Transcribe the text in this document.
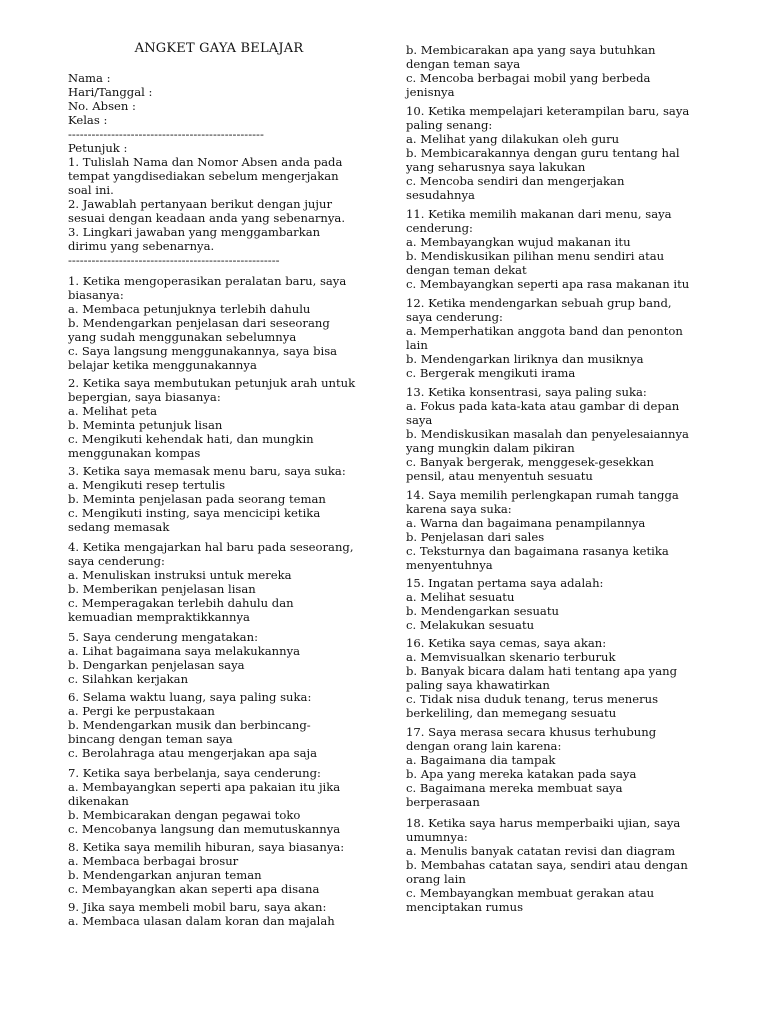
ANGKET GAYA BELAJAR
Nama :
Hari/Tanggal :
No. Absen :
Kelas :
--------------------------------------------------
Petunjuk :
1. Tulislah Nama dan Nomor Absen anda pada
tempat yangdisediakan sebelum mengerjakan
soal ini.
2. Jawablah pertanyaan berikut dengan jujur
sesuai dengan keadaan anda yang sebenarnya.
3. Lingkari jawaban yang menggambarkan
dirimu yang sebenarnya.
------------------------------------------------------
1. Ketika mengoperasikan peralatan baru, saya
biasanya:
a. Membaca petunjuknya terlebih dahulu
b. Mendengarkan penjelasan dari seseorang
yang sudah menggunakan sebelumnya
c. Saya langsung menggunakannya, saya bisa
belajar ketika menggunakannya
2. Ketika saya membutukan petunjuk arah untuk
bepergian, saya biasanya:
a. Melihat peta
b. Meminta petunjuk lisan
c. Mengikuti kehendak hati, dan mungkin
menggunakan kompas
3. Ketika saya memasak menu baru, saya suka:
a. Mengikuti resep tertulis
b. Meminta penjelasan pada seorang teman
c. Mengikuti insting, saya mencicipi ketika
sedang memasak
4. Ketika mengajarkan hal baru pada seseorang,
saya cenderung:
a. Menuliskan instruksi untuk mereka
b. Memberikan penjelasan lisan
c. Memperagakan terlebih dahulu dan
kemuadian mempraktikkannya
5. Saya cenderung mengatakan:
a. Lihat bagaimana saya melakukannya
b. Dengarkan penjelasan saya
c. Silahkan kerjakan
6. Selama waktu luang, saya paling suka:
a. Pergi ke perpustakaan
b. Mendengarkan musik dan berbincang-
bincang dengan teman saya
c. Berolahraga atau mengerjakan apa saja
7. Ketika saya berbelanja, saya cenderung:
a. Membayangkan seperti apa pakaian itu jika
dikenakan
b. Membicarakan dengan pegawai toko
c. Mencobanya langsung dan memutuskannya
8. Ketika saya memilih hiburan, saya biasanya:
a. Membaca berbagai brosur
b. Mendengarkan anjuran teman
c. Membayangkan akan seperti apa disana
9. Jika saya membeli mobil baru, saya akan:
a. Membaca ulasan dalam koran dan majalah
b. Membicarakan apa yang saya butuhkan
dengan teman saya
c. Mencoba berbagai mobil yang berbeda
jenisnya
10. Ketika mempelajari keterampilan baru, saya
paling senang:
a. Melihat yang dilakukan oleh guru
b. Membicarakannya dengan guru tentang hal
yang seharusnya saya lakukan
c. Mencoba sendiri dan mengerjakan
sesudahnya
11. Ketika memilih makanan dari menu, saya
cenderung:
a. Membayangkan wujud makanan itu
b. Mendiskusikan pilihan menu sendiri atau
dengan teman dekat
c. Membayangkan seperti apa rasa makanan itu
12. Ketika mendengarkan sebuah grup band,
saya cenderung:
a. Memperhatikan anggota band dan penonton
lain
b. Mendengarkan liriknya dan musiknya
c. Bergerak mengikuti irama
13. Ketika konsentrasi, saya paling suka:
a. Fokus pada kata-kata atau gambar di depan
saya
b. Mendiskusikan masalah dan penyelesaiannya
yang mungkin dalam pikiran
c. Banyak bergerak, menggesek-gesekkan
pensil, atau menyentuh sesuatu
14. Saya memilih perlengkapan rumah tangga
karena saya suka:
a. Warna dan bagaimana penampilannya
b. Penjelasan dari sales
c. Teksturnya dan bagaimana rasanya ketika
menyentuhnya
15. Ingatan pertama saya adalah:
a. Melihat sesuatu
b. Mendengarkan sesuatu
c. Melakukan sesuatu
16. Ketika saya cemas, saya akan:
a. Memvisualkan skenario terburuk
b. Banyak bicara dalam hati tentang apa yang
paling saya khawatirkan
c. Tidak nisa duduk tenang, terus menerus
berkeliling, dan memegang sesuatu
17. Saya merasa secara khusus terhubung
dengan orang lain karena:
a. Bagaimana dia tampak
b. Apa yang mereka katakan pada saya
c. Bagaimana mereka membuat saya
berperasaan
18. Ketika saya harus memperbaiki ujian, saya
umumnya:
a. Menulis banyak catatan revisi dan diagram
b. Membahas catatan saya, sendiri atau dengan
orang lain
c. Membayangkan membuat gerakan atau
menciptakan rumus
